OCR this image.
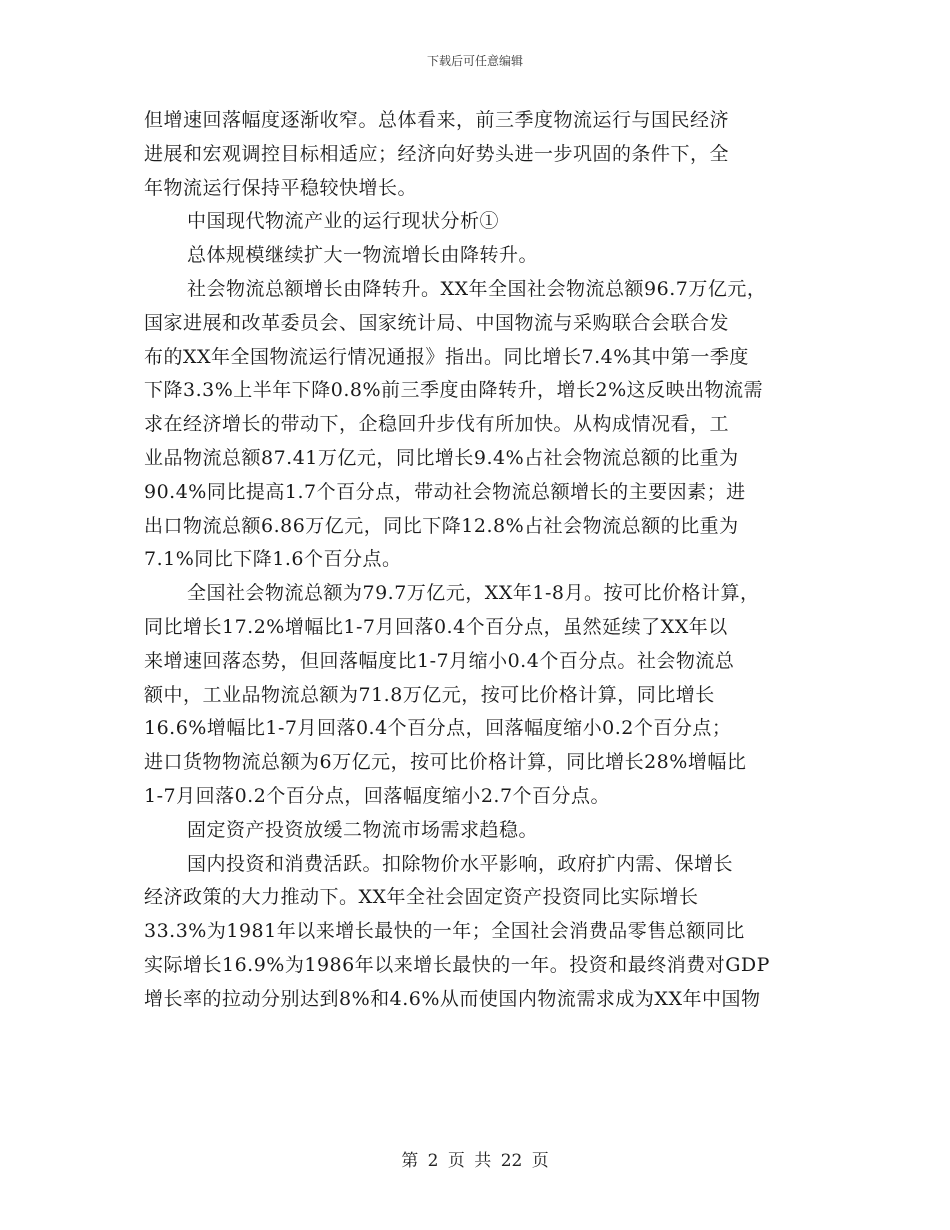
下载后可任意编辑
但增速回落幅度逐渐收窄。总体看来，前三季度物流运行与国民经济
进展和宏观调控目标相适应；经济向好势头进一步巩固的条件下，全
年物流运行保持平稳较快增长。
中国现代物流产业的运行现状分析①
总体规模继续扩大一物流增长由降转升。
社会物流总额增长由降转升。XX年全国社会物流总额96.7万亿元，
国家进展和改革委员会、国家统计局、中国物流与采购联合会联合发
布的XX年全国物流运行情况通报》指出。同比增长7.4%其中第一季度
下降3.3%上半年下降0.8%前三季度由降转升，增长2%这反映出物流需
求在经济增长的带动下，企稳回升步伐有所加快。从构成情况看，工
业品物流总额87.41万亿元，同比增长9.4%占社会物流总额的比重为
90.4%同比提高1.7个百分点，带动社会物流总额增长的主要因素；进
出口物流总额6.86万亿元，同比下降12.8%占社会物流总额的比重为
7.1%同比下降1.6个百分点。
全国社会物流总额为79.7万亿元，XX年1-8月。按可比价格计算，
同比增长17.2%增幅比1-7月回落0.4个百分点，虽然延续了XX年以
来增速回落态势，但回落幅度比1-7月缩小0.4个百分点。社会物流总
额中，工业品物流总额为71.8万亿元，按可比价格计算，同比增长
16.6%增幅比1-7月回落0.4个百分点，回落幅度缩小0.2个百分点；
进口货物物流总额为6万亿元，按可比价格计算，同比增长28%增幅比
1-7月回落0.2个百分点，回落幅度缩小2.7个百分点。
固定资产投资放缓二物流市场需求趋稳。
国内投资和消费活跃。扣除物价水平影响，政府扩内需、保增长
经济政策的大力推动下。XX年全社会固定资产投资同比实际增长
33.3%为1981年以来增长最快的一年；全国社会消费品零售总额同比
实际增长16.9%为1986年以来增长最快的一年。投资和最终消费对GDP
增长率的拉动分别达到8%和4.6%从而使国内物流需求成为XX年中国物
第 2 页 共 22 页
